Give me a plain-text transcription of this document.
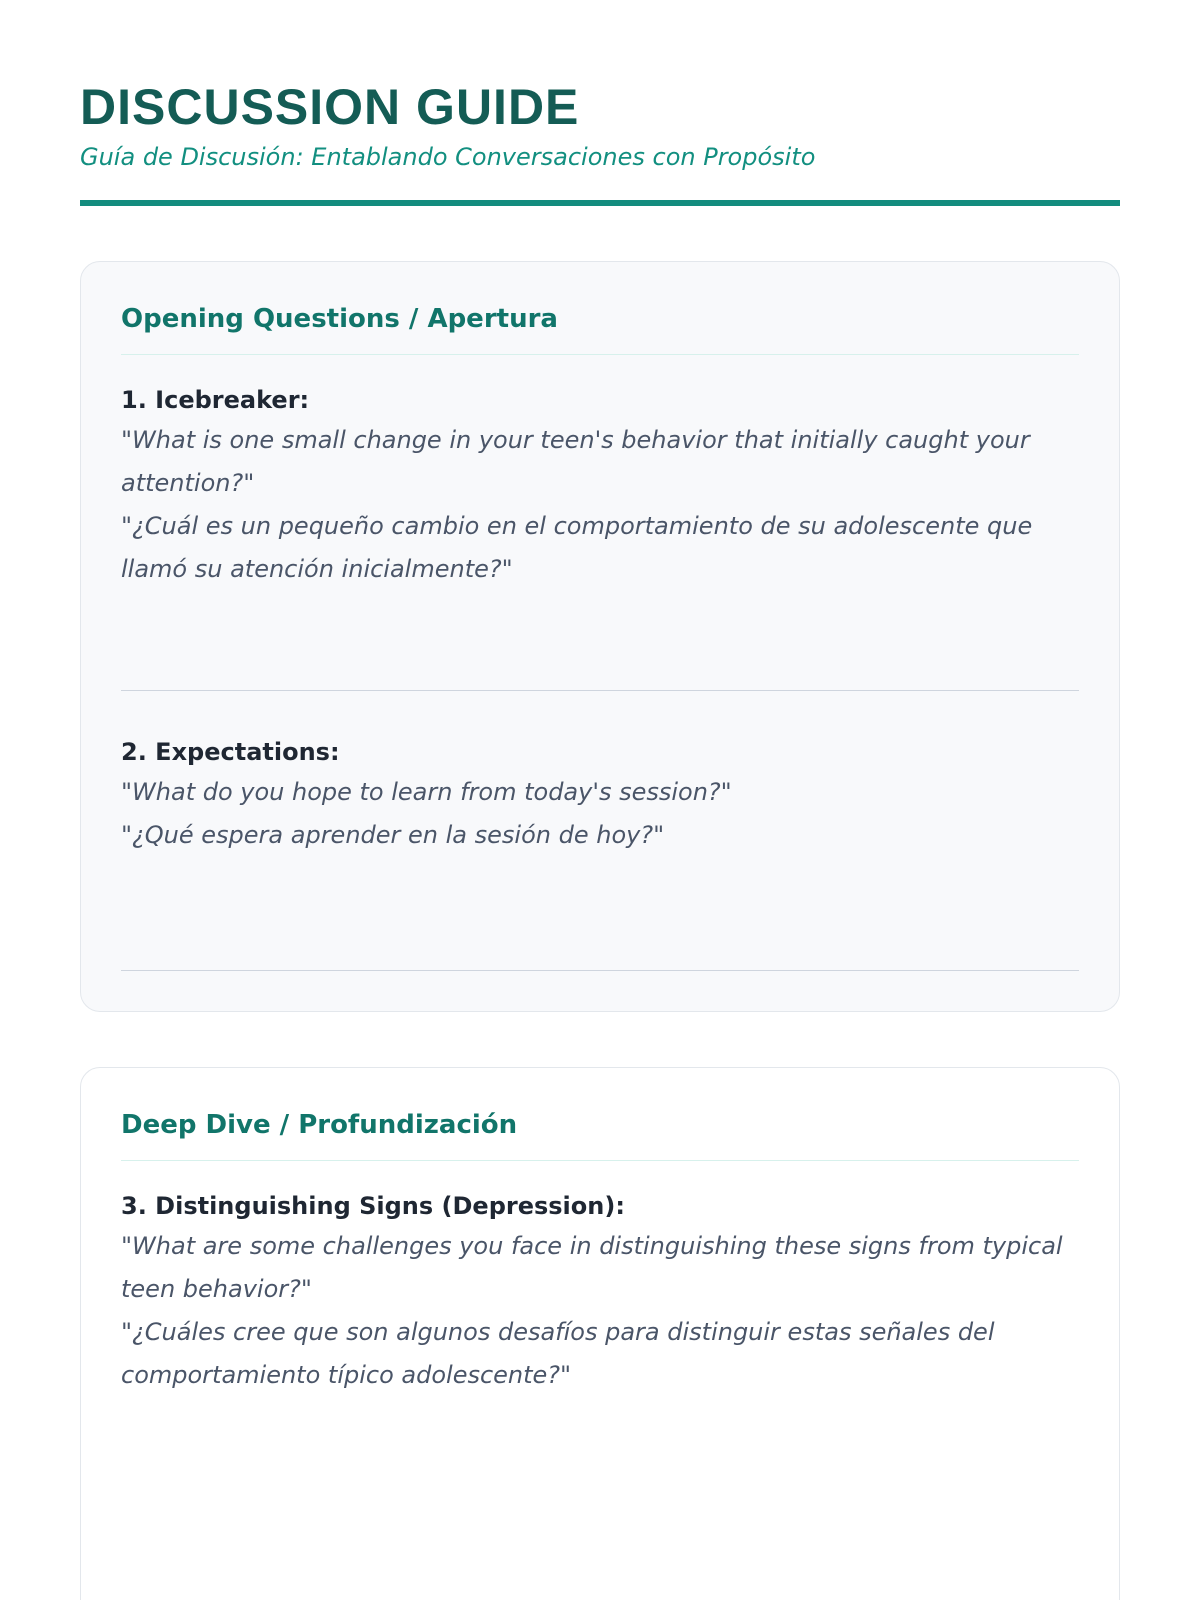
DISCUSSION GUIDE
Guía de Discusión: Entablando Conversaciones con Propósito
Opening Questions / Apertura
1. Icebreaker:
"What is one small change in your teen's behavior that initially caught your attention?"
"¿Cuál es un pequeño cambio en el comportamiento de su adolescente que llamó su atención inicialmente?"
2. Expectations:
"What do you hope to learn from today's session?"
"¿Qué espera aprender en la sesión de hoy?"
Deep Dive / Profundización
3. Distinguishing Signs (Depression):
"What are some challenges you face in distinguishing these signs from typical teen behavior?"
"¿Cuáles cree que son algunos desafíos para distinguir estas señales del comportamiento típico adolescente?"
